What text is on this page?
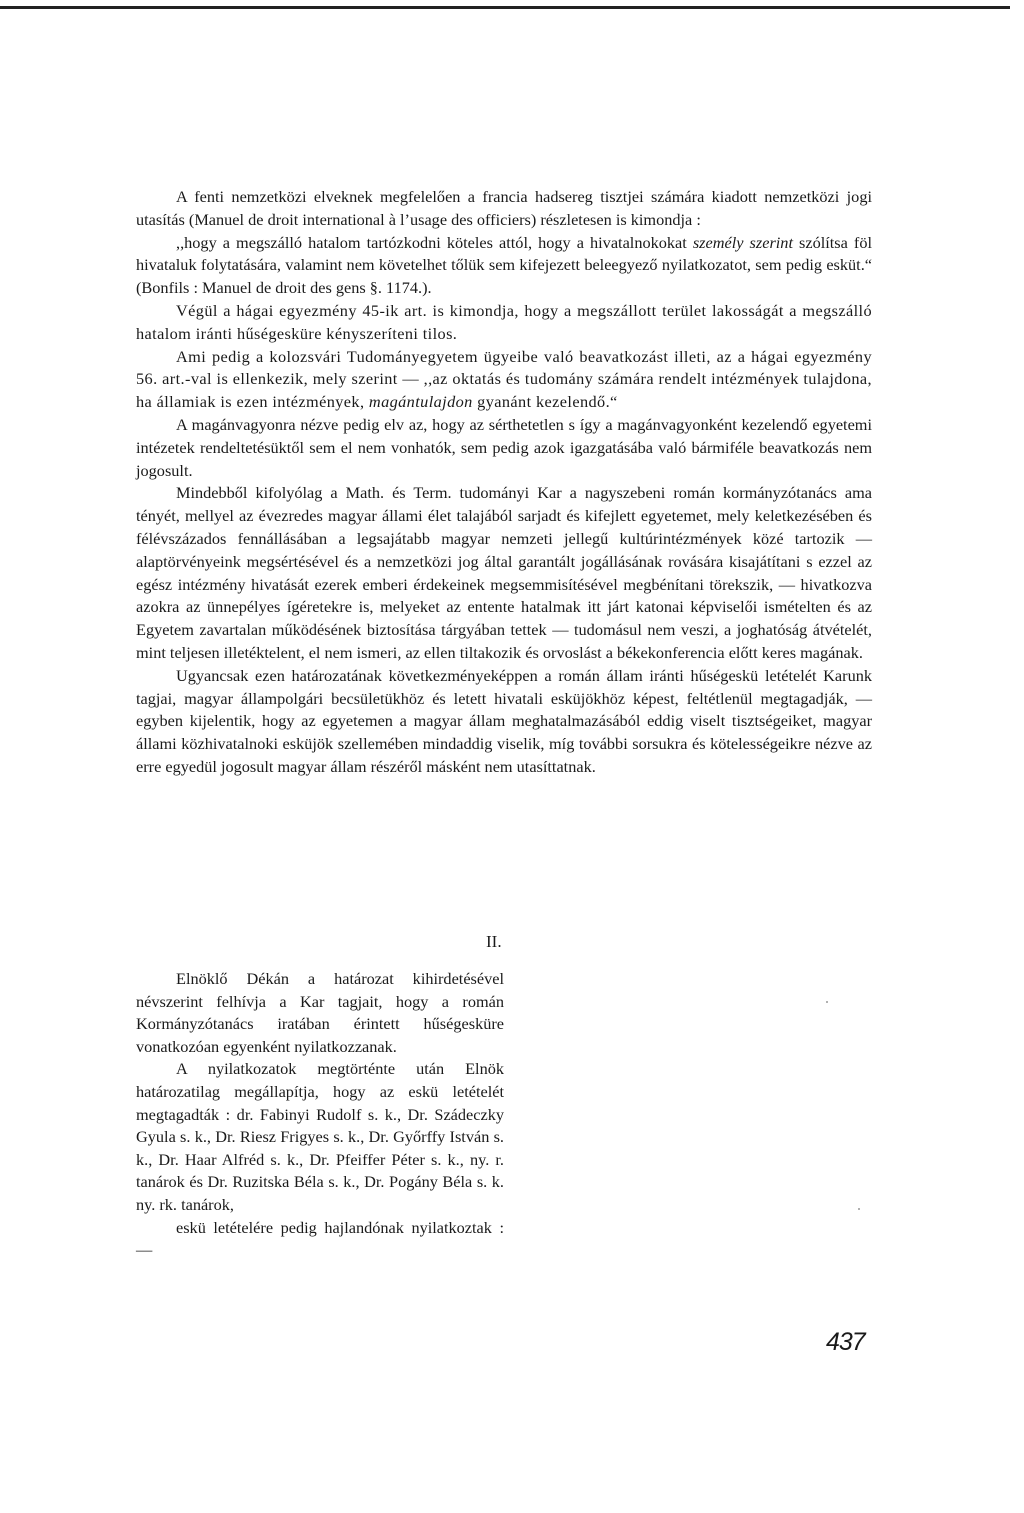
A fenti nemzetközi elveknek megfelelően a francia hadsereg tisztjei számára kiadott nemzetközi jogi utasítás (Manuel de droit international à l’usage des officiers) részletesen is kimondja :

,,hogy a megszálló hatalom tartózkodni köteles attól, hogy a hivatalnokokat személy szerint szólítsa föl hivataluk folytatására, valamint nem követelhet tőlük sem kifejezett beleegyező nyilatkozatot, sem pedig esküt.“ (Bonfils : Manuel de droit des gens §. 1174.).

Végül a hágai egyezmény 45-ik art. is kimondja, hogy a megszállott terület lakosságát a megszálló hatalom iránti hűségesküre kényszeríteni tilos.

Ami pedig a kolozsvári Tudományegyetem ügyeibe való beavatkozást illeti, az a hágai egyezmény 56. art.-val is ellenkezik, mely szerint — ,,az oktatás és tudomány számára rendelt intézmények tulajdona, ha államiak is ezen intézmények, magántulajdon gyanánt kezelendő.“

A magánvagyonra nézve pedig elv az, hogy az sérthetetlen s így a magánvagyonként kezelendő egyetemi intézetek rendeltetésüktől sem el nem vonhatók, sem pedig azok igazgatásába való bármiféle beavatkozás nem jogosult.

Mindebből kifolyólag a Math. és Term. tudományi Kar a nagyszebeni román kormányzótanács ama tényét, mellyel az évezredes magyar állami élet talajából sarjadt és kifejlett egyetemet, mely keletkezésében és félévszázados fennállásában a legsajátabb magyar nemzeti jellegű kultúrintézmények közé tartozik — alaptörvényeink megsértésével és a nemzetközi jog által garantált jogállásának rovására kisajátítani s ezzel az egész intézmény hivatását ezerek emberi érdekeinek megsemmisítésével megbénítani törekszik, — hivatkozva azokra az ünnepélyes ígéretekre is, melyeket az entente hatalmak itt járt katonai képviselői ismételten és az Egyetem zavartalan működésének biztosítása tárgyában tettek — tudomásul nem veszi, a joghatóság átvételét, mint teljesen illetéktelent, el nem ismeri, az ellen tiltakozik és orvoslást a békekonferencia előtt keres magának.

Ugyancsak ezen határozatának következményeképpen a román állam iránti hűségeskü letételét Karunk tagjai, magyar állampolgári becsületükhöz és letett hivatali esküjökhöz képest, feltétlenül megtagadják, — egyben kijelentik, hogy az egyetemen a magyar állam meghatalmazásából eddig viselt tisztségeiket, magyar állami közhivatalnoki esküjök szellemében mindaddig viselik, míg további sorsukra és kötelességeikre nézve az erre egyedül jogosult magyar állam részéről másként nem utasíttatnak.

II.

Elnöklő Dékán a határozat kihirdetésével névszerint felhívja a Kar tagjait, hogy a román Kormányzótanács iratában érintett hűségesküre vonatkozóan egyenként nyilatkozzanak.

A nyilatkozatok megtörténte után Elnök határozatilag megállapítja, hogy az eskü letételét megtagadták : dr. Fabinyi Rudolf s. k., Dr. Szádeczky Gyula s. k., Dr. Riesz Frigyes s. k., Dr. Győrffy István s. k., Dr. Haar Alfréd s. k., Dr. Pfeiffer Péter s. k., ny. r. tanárok és Dr. Ruzitska Béla s. k., Dr. Pogány Béla s. k. ny. rk. tanárok,

eskü letételére pedig hajlandónak nyilatkoztak : —

437
